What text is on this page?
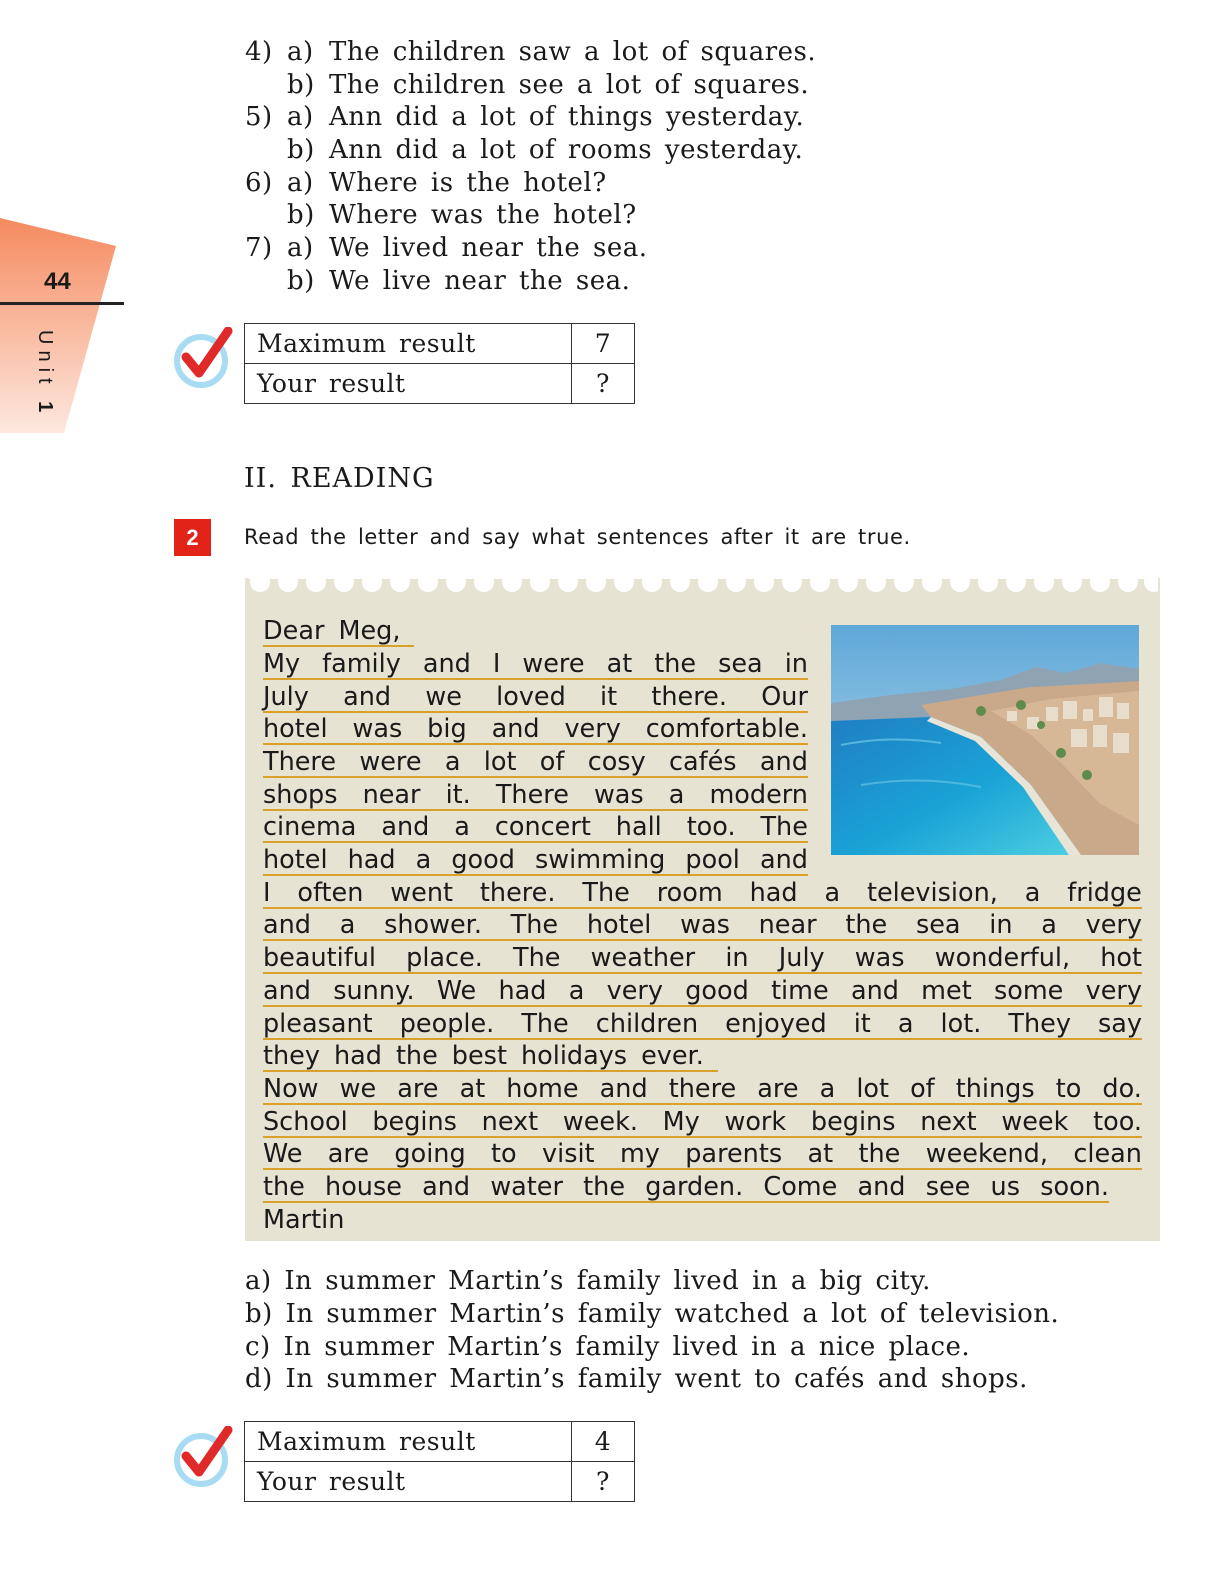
44
Unit 1
4) a) The children saw a lot of squares.
b) The children see a lot of squares.
5) a) Ann did a lot of things yesterday.
b) Ann did a lot of rooms yesterday.
6) a) Where is the hotel?
b) Where was the hotel?
7) a) We lived near the sea.
b) We live near the sea.
Maximum result	7
Your result	?
II. READING
2	Read the letter and say what sentences after it are true.
Dear Meg,
My family and I were at the sea in
July and we loved it there. Our
hotel was big and very comfortable.
There were a lot of cosy cafés and
shops near it. There was a modern
cinema and a concert hall too. The
hotel had a good swimming pool and
I often went there. The room had a television, a fridge
and a shower. The hotel was near the sea in a very
beautiful place. The weather in July was wonderful, hot
and sunny. We had a very good time and met some very
pleasant people. The children enjoyed it a lot. They say
they had the best holidays ever.
Now we are at home and there are a lot of things to do.
School begins next week. My work begins next week too.
We are going to visit my parents at the weekend, clean
the house and water the garden. Come and see us soon.
Martin
a) In summer Martin’s family lived in a big city.
b) In summer Martin’s family watched a lot of television.
c) In summer Martin’s family lived in a nice place.
d) In summer Martin’s family went to cafés and shops.
Maximum result	4
Your result	?
